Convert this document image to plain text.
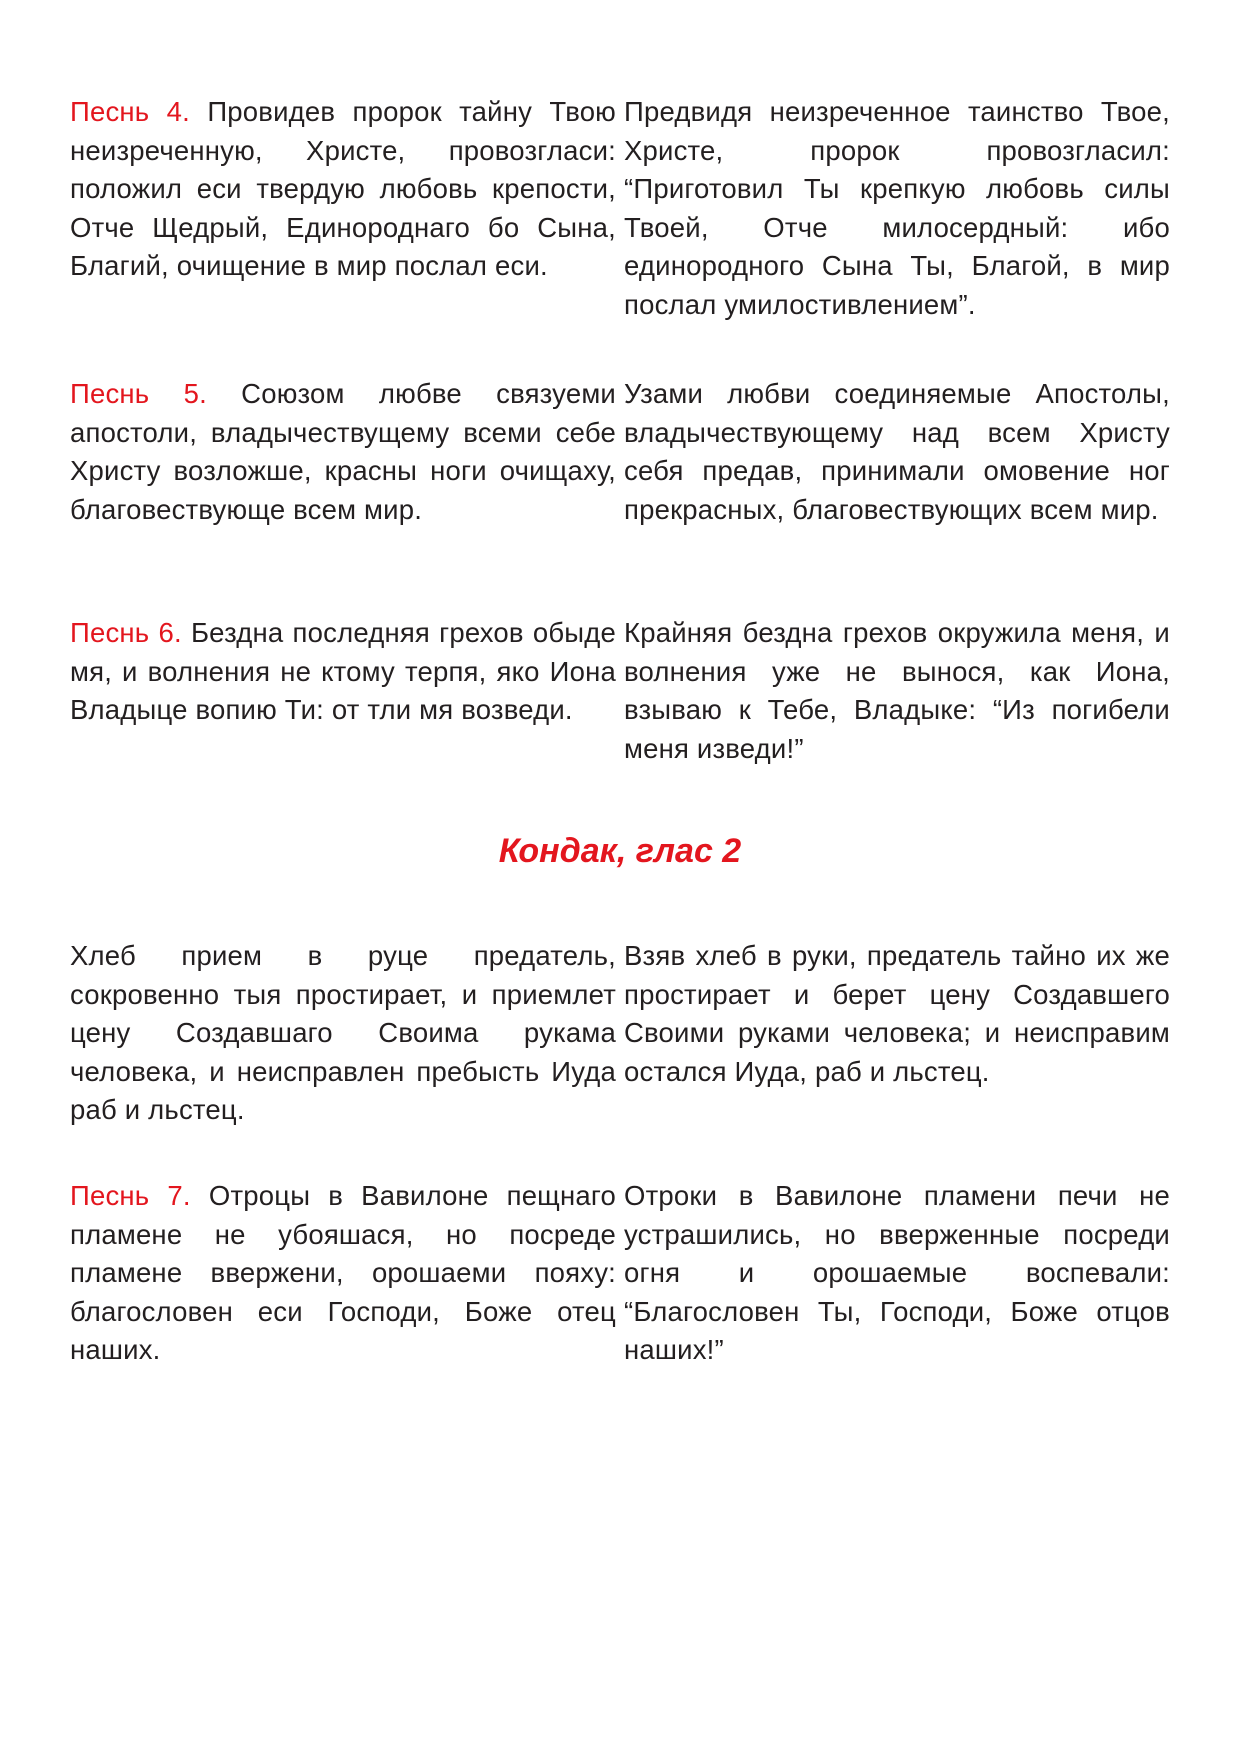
Песнь 4. Провидев пророк тайну Твою неизреченную, Христе, провозгласи: положил еси твердую любовь крепости, Отче Щедрый, Единороднаго бо Сына, Благий, очищение в мир послал еси.
Предвидя неизреченное таинство Твое, Христе, пророк провозгласил: “Приготовил Ты крепкую любовь силы Твоей, Отче милосердный: ибо единородного Сына Ты, Благой, в мир послал умилостивлением”.
Песнь 5. Союзом любве связуеми апостоли, владычествущему всеми себе Христу возложше, красны ноги очищаху, благовествующе всем мир.
Узами любви соединяемые Апостолы, владычествующему над всем Христу себя предав, принимали омовение ног прекрасных, благовествующих всем мир.
Песнь 6. Бездна последняя грехов обыде мя, и волнения не ктому терпя, яко Иона Владыце вопию Ти: от тли мя возведи.
Крайняя бездна грехов окружила меня, и волнения уже не вынося, как Иона, взываю к Тебе, Владыке: “Из погибели меня изведи!”
Кондак, глас 2
Хлеб прием в руце предатель, сокровенно тыя простирает, и приемлет цену Создавшаго Своима рукама человека, и неисправлен пребысть Иуда раб и льстец.
Взяв хлеб в руки, предатель тайно их же простирает и берет цену Создавшего Своими руками человека; и неисправим остался Иуда, раб и льстец.
Песнь 7. Отроцы в Вавилоне пещнаго пламене не убояшася, но посреде пламене ввержени, орошаеми пояху: благословен еси Господи, Боже отец наших.
Отроки в Вавилоне пламени печи не устрашились, но вверженные посреди огня и орошаемые воспевали: “Благословен Ты, Господи, Боже отцов наших!”
